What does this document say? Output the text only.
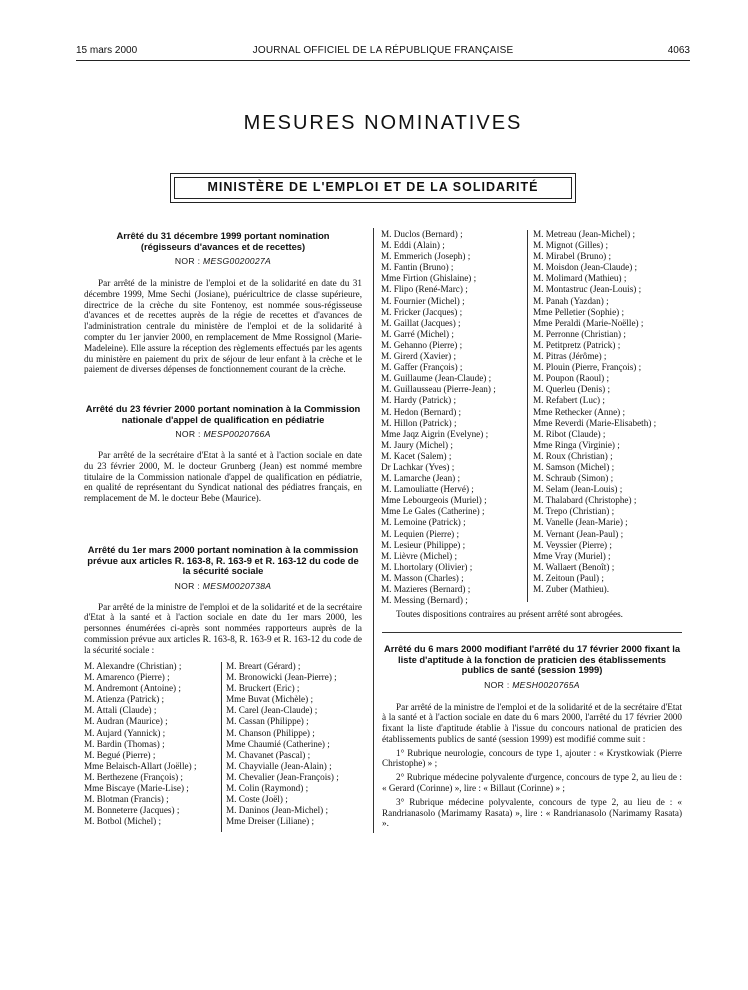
15 mars 2000	JOURNAL OFFICIEL DE LA RÉPUBLIQUE FRANÇAISE	4063
MESURES NOMINATIVES
MINISTÈRE DE L'EMPLOI ET DE LA SOLIDARITÉ
Arrêté du 31 décembre 1999 portant nomination (régisseurs d'avances et de recettes)
NOR : MESG0020027A

Par arrêté de la ministre de l'emploi et de la solidarité en date du 31 décembre 1999, Mme Sechi (Josiane), puéricultrice de classe supérieure, directrice de la crèche du site Fontenoy, est nommée sous-régisseuse d'avances et de recettes auprès de la régie de recettes et d'avances de l'administration centrale du ministère de l'emploi et de la solidarité à compter du 1er janvier 2000, en remplacement de Mme Rossignol (Marie-Madeleine). Elle assure la réception des règlements effectués par les agents du ministère en paiement du prix de séjour de leur enfant à la crèche et le paiement de diverses dépenses de fonctionnement courant de la crèche.

Arrêté du 23 février 2000 portant nomination à la Commission nationale d'appel de qualification en pédiatrie
NOR : MESP0020766A

Par arrêté de la secrétaire d'Etat à la santé et à l'action sociale en date du 23 février 2000, M. le docteur Grunberg (Jean) est nommé membre titulaire de la Commission nationale d'appel de qualification en pédiatrie, en qualité de représentant du Syndicat national des pédiatres français, en remplacement de M. le docteur Bebe (Maurice).

Arrêté du 1er mars 2000 portant nomination à la commission prévue aux articles R. 163-8, R. 163-9 et R. 163-12 du code de la sécurité sociale
NOR : MESM0020738A

Par arrêté de la ministre de l'emploi et de la solidarité et de la secrétaire d'Etat à la santé et à l'action sociale en date du 1er mars 2000, les personnes énumérées ci-après sont nommées rapporteurs auprès de la commission prévue aux articles R. 163-8, R. 163-9 et R. 163-12 du code de la sécurité sociale :

M. Alexandre (Christian) ;
M. Amarenco (Pierre) ;
M. Andremont (Antoine) ;
M. Atienza (Patrick) ;
M. Attali (Claude) ;
M. Audran (Maurice) ;
M. Aujard (Yannick) ;
M. Bardin (Thomas) ;
M. Begué (Pierre) ;
Mme Belaisch-Allart (Joëlle) ;
M. Berthezene (François) ;
Mme Biscaye (Marie-Lise) ;
M. Blotman (Francis) ;
M. Bonneterre (Jacques) ;
M. Botbol (Michel) ;
M. Breart (Gérard) ;
M. Bronowicki (Jean-Pierre) ;
M. Bruckert (Eric) ;
Mme Buvat (Michèle) ;
M. Carel (Jean-Claude) ;
M. Cassan (Philippe) ;
M. Chanson (Philippe) ;
Mme Chaumié (Catherine) ;
M. Chavanet (Pascal) ;
M. Chayvialle (Jean-Alain) ;
M. Chevalier (Jean-François) ;
M. Colin (Raymond) ;
M. Coste (Joël) ;
M. Daninos (Jean-Michel) ;
Mme Dreiser (Liliane) ;
M. Duclos (Bernard) ;
M. Eddi (Alain) ;
M. Emmerich (Joseph) ;
M. Fantin (Bruno) ;
Mme Firtion (Ghislaine) ;
M. Flipo (René-Marc) ;
M. Fournier (Michel) ;
M. Fricker (Jacques) ;
M. Gaillat (Jacques) ;
M. Garré (Michel) ;
M. Gehanno (Pierre) ;
M. Girerd (Xavier) ;
M. Gaffer (François) ;
M. Guillaume (Jean-Claude) ;
M. Guillausseau (Pierre-Jean) ;
M. Hardy (Patrick) ;
M. Hedon (Bernard) ;
M. Hillon (Patrick) ;
Mme Jaqz Aigrin (Evelyne) ;
M. Jaury (Michel) ;
M. Kacet (Salem) ;
Dr Lachkar (Yves) ;
M. Lamarche (Jean) ;
M. Lamouliatte (Hervé) ;
Mme Lebourgeois (Muriel) ;
Mme Le Gales (Catherine) ;
M. Lemoine (Patrick) ;
M. Lequien (Pierre) ;
M. Lesieur (Philippe) ;
M. Lièvre (Michel) ;
M. Lhortolary (Olivier) ;
M. Masson (Charles) ;
M. Mazieres (Bernard) ;
M. Messing (Bernard) ;
M. Metreau (Jean-Michel) ;
M. Mignot (Gilles) ;
M. Mirabel (Bruno) ;
M. Moisdon (Jean-Claude) ;
M. Molimard (Mathieu) ;
M. Montastruc (Jean-Louis) ;
M. Panah (Yazdan) ;
Mme Pelletier (Sophie) ;
Mme Peraldi (Marie-Noëlle) ;
M. Perronne (Christian) ;
M. Petitpretz (Patrick) ;
M. Pitras (Jérôme) ;
M. Plouin (Pierre, François) ;
M. Poupon (Raoul) ;
M. Querleu (Denis) ;
M. Refabert (Luc) ;
Mme Rethecker (Anne) ;
Mme Reverdi (Marie-Elisabeth) ;
M. Ribot (Claude) ;
Mme Ringa (Virginie) ;
M. Roux (Christian) ;
M. Samson (Michel) ;
M. Schraub (Simon) ;
M. Selam (Jean-Louis) ;
M. Thalabard (Christophe) ;
M. Trepo (Christian) ;
M. Vanelle (Jean-Marie) ;
M. Vernant (Jean-Paul) ;
M. Veyssier (Pierre) ;
Mme Vray (Muriel) ;
M. Wallaert (Benoît) ;
M. Zeitoun (Paul) ;
M. Zuber (Mathieu).

Toutes dispositions contraires au présent arrêté sont abrogées.

Arrêté du 6 mars 2000 modifiant l'arrêté du 17 février 2000 fixant la liste d'aptitude à la fonction de praticien des établissements publics de santé (session 1999)
NOR : MESH0020765A

Par arrêté de la ministre de l'emploi et de la solidarité et de la secrétaire d'Etat à la santé et à l'action sociale en date du 6 mars 2000, l'arrêté du 17 février 2000 fixant la liste d'aptitude établie à l'issue du concours national de praticien des établissements publics de santé (session 1999) est modifié comme suit :

1° Rubrique neurologie, concours de type 1, ajouter : « Krystkowiak (Pierre Christophe) » ;

2° Rubrique médecine polyvalente d'urgence, concours de type 2, au lieu de : « Gerard (Corinne) », lire : « Billaut (Corinne) » ;

3° Rubrique médecine polyvalente, concours de type 2, au lieu de : « Randrianasolo (Marimamy Rasata) », lire : « Randrianasolo (Narimamy Rasata) ».
